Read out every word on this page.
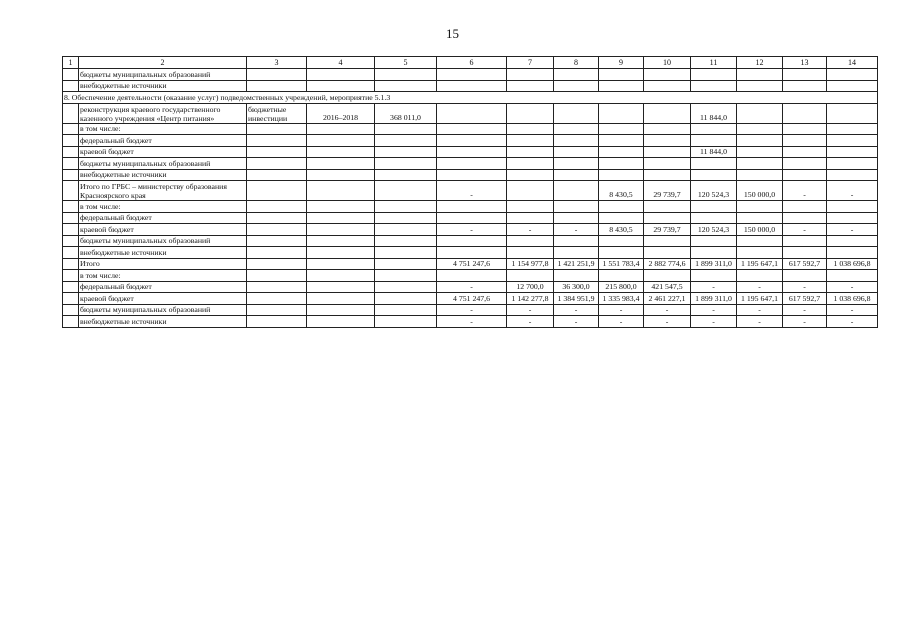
15
1	2	3	4	5	6	7	8	9	10	11	12	13	14
	бюджеты муниципальных образований												
	внебюджетные источники												
8. Обеспечение деятельности (оказание услуг) подведомственных учреждений, мероприятие 5.1.3													
	реконструкция краевого государственного казенного учреждения «Центр питания»	бюджетные инвестиции	2016–2018	368 011,0						11 844,0			
	в том числе:												
	федеральный бюджет												
	краевой бюджет									11 844,0			
	бюджеты муниципальных образований												
	внебюджетные источники												
	Итого по ГРБС – министерству образования Красноярского края				-			8 430,5	29 739,7	120 524,3	150 000,0	-	-
	в том числе:												
	федеральный бюджет												
	краевой бюджет				-	-	-	8 430,5	29 739,7	120 524,3	150 000,0	-	-
	бюджеты муниципальных образований												
	внебюджетные источники												
	Итого				4 751 247,6	1 154 977,8	1 421 251,9	1 551 783,4	2 882 774,6	1 899 311,0	1 195 647,1	617 592,7	1 038 696,8
	в том числе:												
	федеральный бюджет				-	12 700,0	36 300,0	215 800,0	421 547,5	-	-	-	-
	краевой бюджет				4 751 247,6	1 142 277,8	1 384 951,9	1 335 983,4	2 461 227,1	1 899 311,0	1 195 647,1	617 592,7	1 038 696,8
	бюджеты муниципальных образований				-	-	-	-	-	-	-	-	-
	внебюджетные источники				-	-	-	-	-	-	-	-	-
